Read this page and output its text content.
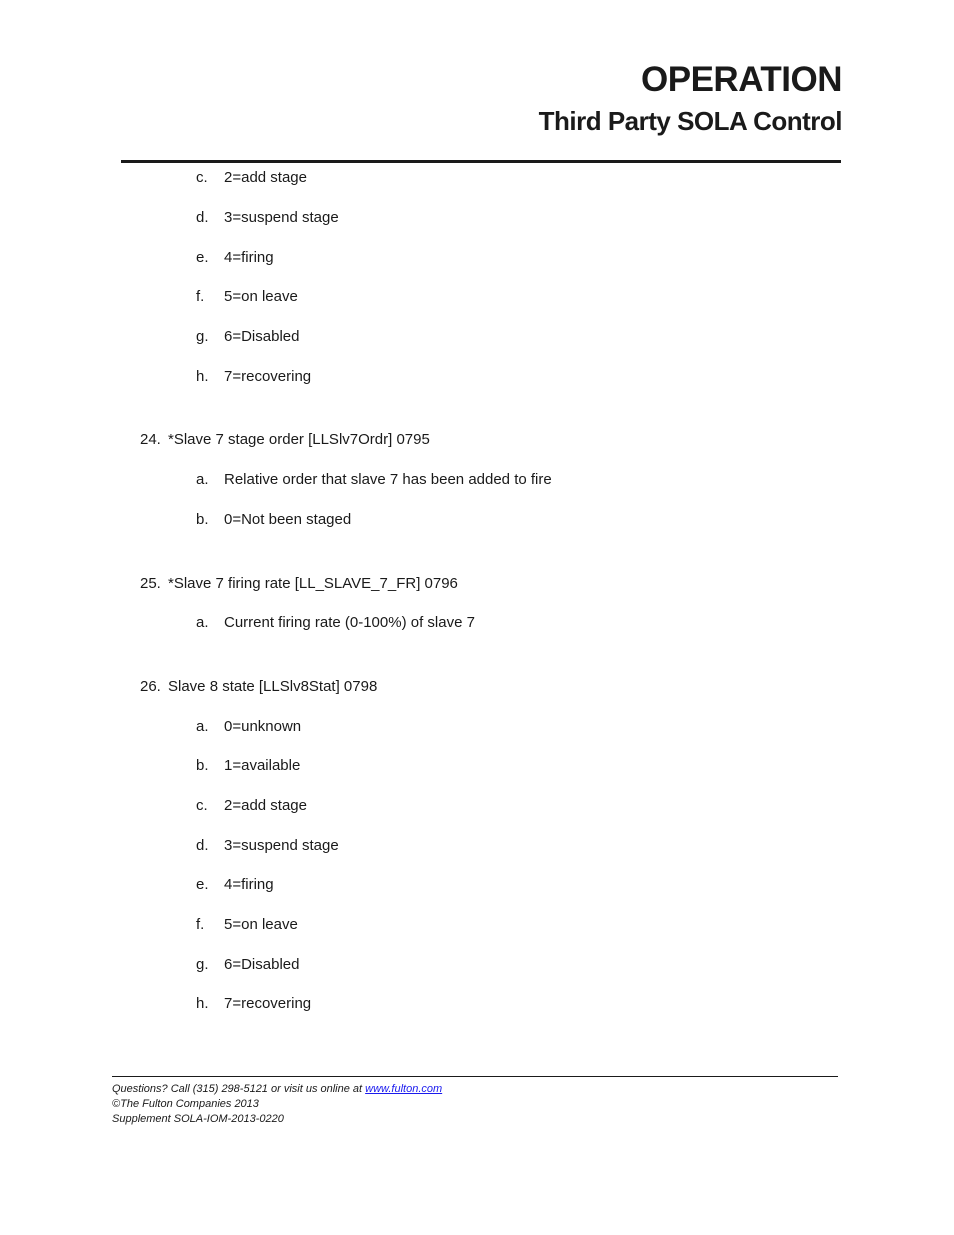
OPERATION
Third Party SOLA Control
c. 2=add stage
d. 3=suspend stage
e. 4=firing
f. 5=on leave
g. 6=Disabled
h. 7=recovering
24. *Slave 7 stage order [LLSlv7Ordr] 0795
a. Relative order that slave 7 has been added to fire
b. 0=Not been staged
25. *Slave 7 firing rate [LL_SLAVE_7_FR] 0796
a. Current firing rate (0-100%) of slave 7
26. Slave 8 state [LLSlv8Stat] 0798
a. 0=unknown
b. 1=available
c. 2=add stage
d. 3=suspend stage
e. 4=firing
f. 5=on leave
g. 6=Disabled
h. 7=recovering
Questions? Call (315) 298-5121 or visit us online at www.fulton.com
©The Fulton Companies 2013
Supplement SOLA-IOM-2013-0220
